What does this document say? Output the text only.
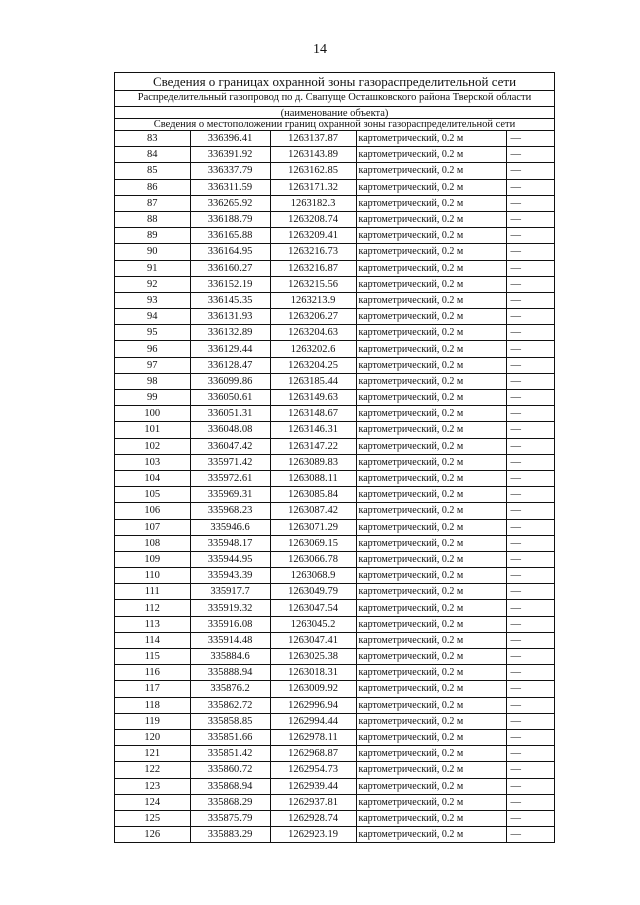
14
Сведения о границах охранной зоны газораспределительной сети
Распределительный газопровод по д. Свапуще Осташковского района Тверской области
(наименование объекта)
Сведения о местоположении границ охранной зоны газораспределительной сети
83	336396.41	1263137.87	картометрический, 0.2 м	—
84	336391.92	1263143.89	картометрический, 0.2 м	—
85	336337.79	1263162.85	картометрический, 0.2 м	—
86	336311.59	1263171.32	картометрический, 0.2 м	—
87	336265.92	1263182.3	картометрический, 0.2 м	—
88	336188.79	1263208.74	картометрический, 0.2 м	—
89	336165.88	1263209.41	картометрический, 0.2 м	—
90	336164.95	1263216.73	картометрический, 0.2 м	—
91	336160.27	1263216.87	картометрический, 0.2 м	—
92	336152.19	1263215.56	картометрический, 0.2 м	—
93	336145.35	1263213.9	картометрический, 0.2 м	—
94	336131.93	1263206.27	картометрический, 0.2 м	—
95	336132.89	1263204.63	картометрический, 0.2 м	—
96	336129.44	1263202.6	картометрический, 0.2 м	—
97	336128.47	1263204.25	картометрический, 0.2 м	—
98	336099.86	1263185.44	картометрический, 0.2 м	—
99	336050.61	1263149.63	картометрический, 0.2 м	—
100	336051.31	1263148.67	картометрический, 0.2 м	—
101	336048.08	1263146.31	картометрический, 0.2 м	—
102	336047.42	1263147.22	картометрический, 0.2 м	—
103	335971.42	1263089.83	картометрический, 0.2 м	—
104	335972.61	1263088.11	картометрический, 0.2 м	—
105	335969.31	1263085.84	картометрический, 0.2 м	—
106	335968.23	1263087.42	картометрический, 0.2 м	—
107	335946.6	1263071.29	картометрический, 0.2 м	—
108	335948.17	1263069.15	картометрический, 0.2 м	—
109	335944.95	1263066.78	картометрический, 0.2 м	—
110	335943.39	1263068.9	картометрический, 0.2 м	—
111	335917.7	1263049.79	картометрический, 0.2 м	—
112	335919.32	1263047.54	картометрический, 0.2 м	—
113	335916.08	1263045.2	картометрический, 0.2 м	—
114	335914.48	1263047.41	картометрический, 0.2 м	—
115	335884.6	1263025.38	картометрический, 0.2 м	—
116	335888.94	1263018.31	картометрический, 0.2 м	—
117	335876.2	1263009.92	картометрический, 0.2 м	—
118	335862.72	1262996.94	картометрический, 0.2 м	—
119	335858.85	1262994.44	картометрический, 0.2 м	—
120	335851.66	1262978.11	картометрический, 0.2 м	—
121	335851.42	1262968.87	картометрический, 0.2 м	—
122	335860.72	1262954.73	картометрический, 0.2 м	—
123	335868.94	1262939.44	картометрический, 0.2 м	—
124	335868.29	1262937.81	картометрический, 0.2 м	—
125	335875.79	1262928.74	картометрический, 0.2 м	—
126	335883.29	1262923.19	картометрический, 0.2 м	—
